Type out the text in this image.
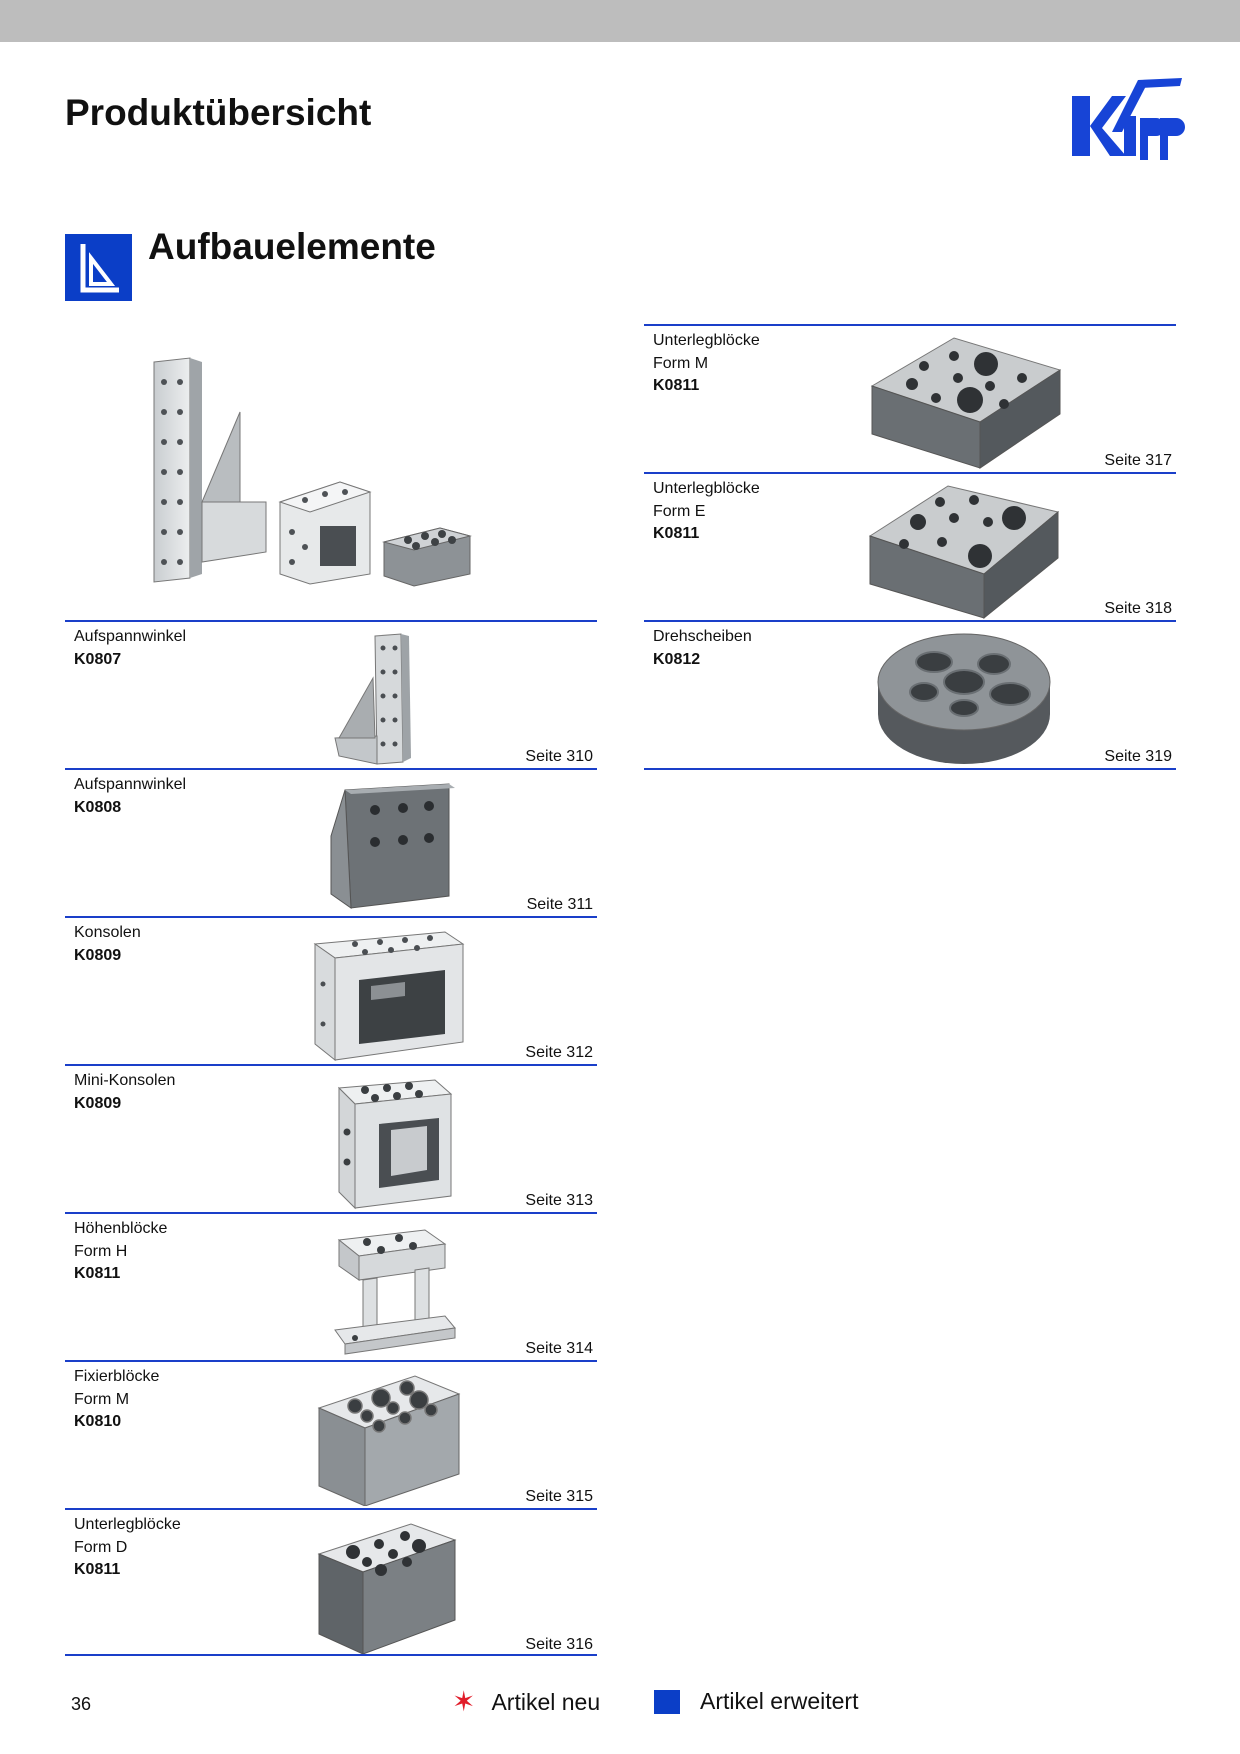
Produktübersicht
Aufbauelemente
Aufspannwinkel
K0807
Seite 310
Aufspannwinkel
K0808
Seite 311
Konsolen
K0809
Seite 312
Mini-Konsolen
K0809
Seite 313
Höhenblöcke
Form H
K0811
Seite 314
Fixierblöcke
Form M
K0810
Seite 315
Unterlegblöcke
Form D
K0811
Seite 316
Unterlegblöcke
Form M
K0811
Seite 317
Unterlegblöcke
Form E
K0811
Seite 318
Drehscheiben
K0812
Seite 319
36	✶ Artikel neu	Artikel erweitert
